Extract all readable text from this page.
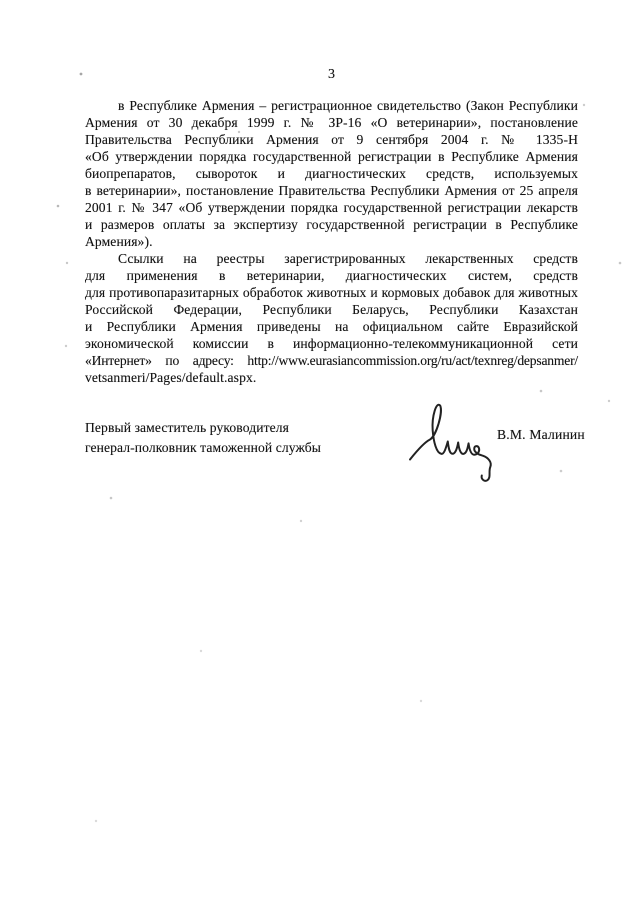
3
в Республике Армения – регистрационное свидетельство (Закон Республики
Армения от 30 декабря 1999 г. № ЗР-16 «О ветеринарии», постановление
Правительства Республики Армения от 9 сентября 2004 г. № 1335-Н
«Об утверждении порядка государственной регистрации в Республике Армения
биопрепаратов, сывороток и диагностических средств, используемых
в ветеринарии», постановление Правительства Республики Армения от 25 апреля
2001 г. № 347 «Об утверждении порядка государственной регистрации лекарств
и размеров оплаты за экспертизу государственной регистрации в Республике
Армения»).
Ссылки на реестры зарегистрированных лекарственных средств
для применения в ветеринарии, диагностических систем, средств
для противопаразитарных обработок животных и кормовых добавок для животных
Российской Федерации, Республики Беларусь, Республики Казахстан
и Республики Армения приведены на официальном сайте Евразийской
экономической комиссии в информационно-телекоммуникационной сети
«Интернет» по адресу: http://www.eurasiancommission.org/ru/act/texnreg/depsanmer/
vetsanmeri/Pages/default.aspx.
Первый заместитель руководителя
генерал-полковник таможенной службы
В.М. Малинин
